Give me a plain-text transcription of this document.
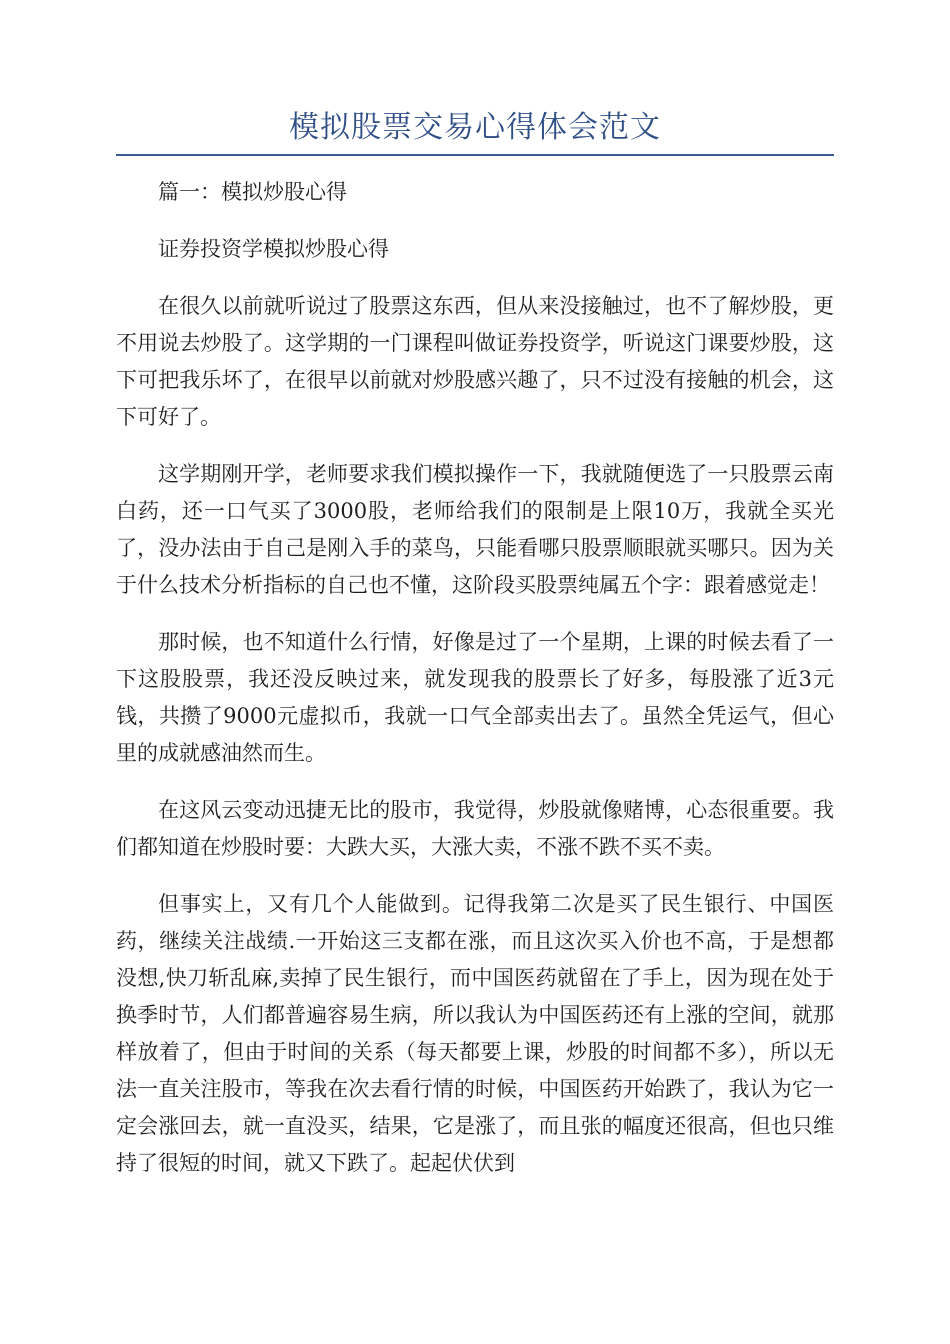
模拟股票交易心得体会范文

篇一：模拟炒股心得

证券投资学模拟炒股心得

在很久以前就听说过了股票这东西，但从来没接触过，也不了解炒股，更不用说去炒股了。这学期的一门课程叫做证券投资学，听说这门课要炒股，这下可把我乐坏了，在很早以前就对炒股感兴趣了，只不过没有接触的机会，这下可好了。

这学期刚开学，老师要求我们模拟操作一下，我就随便选了一只股票云南白药，还一口气买了3000股，老师给我们的限制是上限10万，我就全买光了，没办法由于自己是刚入手的菜鸟，只能看哪只股票顺眼就买哪只。因为关于什么技术分析指标的自己也不懂，这阶段买股票纯属五个字：跟着感觉走！

那时候，也不知道什么行情，好像是过了一个星期，上课的时候去看了一下这股股票，我还没反映过来，就发现我的股票长了好多，每股涨了近3元钱，共攒了9000元虚拟币，我就一口气全部卖出去了。虽然全凭运气，但心里的成就感油然而生。

在这风云变动迅捷无比的股市，我觉得，炒股就像赌博，心态很重要。我们都知道在炒股时要：大跌大买，大涨大卖，不涨不跌不买不卖。

但事实上，又有几个人能做到。记得我第二次是买了民生银行、中国医药，继续关注战绩.一开始这三支都在涨，而且这次买入价也不高，于是想都没想,快刀斩乱麻,卖掉了民生银行，而中国医药就留在了手上，因为现在处于换季时节，人们都普遍容易生病，所以我认为中国医药还有上涨的空间，就那样放着了，但由于时间的关系（每天都要上课，炒股的时间都不多），所以无法一直关注股市，等我在次去看行情的时候，中国医药开始跌了，我认为它一定会涨回去，就一直没买，结果，它是涨了，而且张的幅度还很高，但也只维持了很短的时间，就又下跌了。起起伏伏到
